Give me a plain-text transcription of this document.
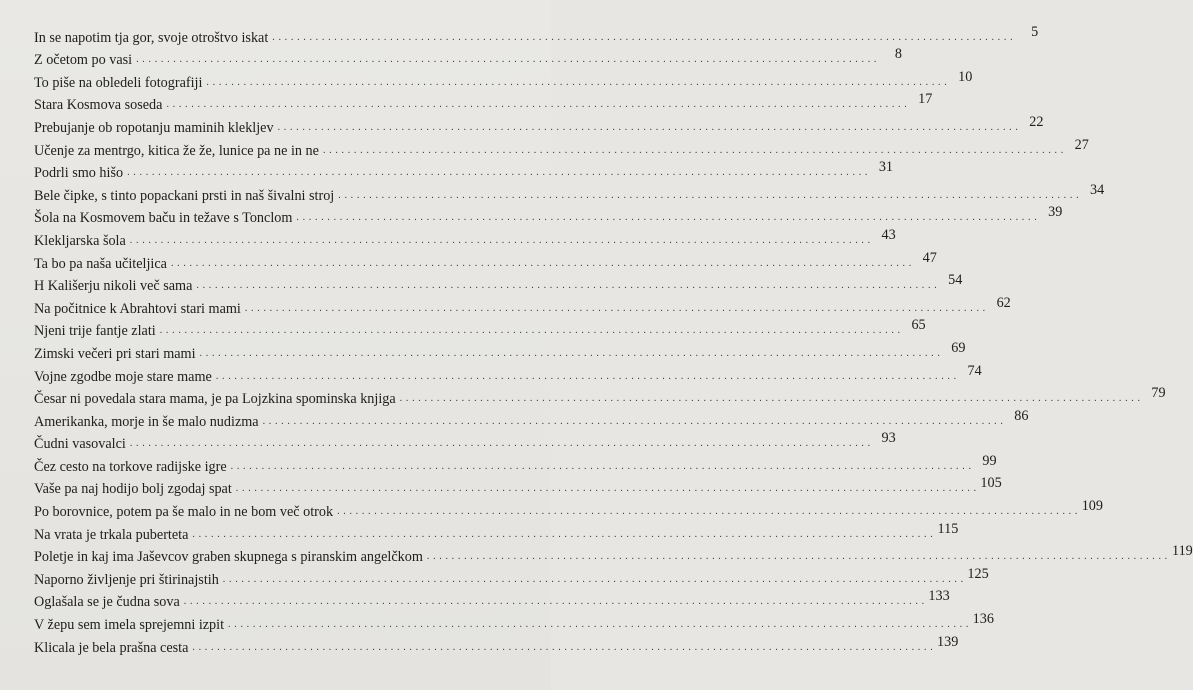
In se napotim tja gor, svoje otroštvo iskat . . . . . . . . . . . . . . . . . . . . . . . . . . . . . . . . . . . . . . . . . . . . . . . . . . . . . . . . . . . . . . . . . . . . . . . . . . . . . . . . . . . . . . . . . . . . . . . . . . . . . . . . . . . . . . . . . . . . . . . .	5
Z očetom po vasi . . . . . . . . . . . . . . . . . . . . . . . . . . . . . . . . . . . . . . . . . . . . . . . . . . . . . . . . . . . . . . . . . . . . . . . . . . . . . . . . . . . . . . . . . . . . . . . . . . . . . . . . . . . . . . . . . . . . . . . .	8
To piše na obledeli fotografiji . . . . . . . . . . . . . . . . . . . . . . . . . . . . . . . . . . . . . . . . . . . . . . . . . . . . . . . . . . . . . . . . . . . . . . . . . . . . . . . . . . . . . . . . . . . . . . . . . . . . . . . . . . . . . . . . . . . . . . . . 10
Stara Kosmova soseda . . . . . . . . . . . . . . . . . . . . . . . . . . . . . . . . . . . . . . . . . . . . . . . . . . . . . . . . . . . . . . . . . . . . . . . . . . . . . . . . . . . . . . . . . . . . . . . . . . . . . . . . . . . . . . . . . . . . . . . . 17
Prebujanje ob ropotanju maminih klekljev . . . . . . . . . . . . . . . . . . . . . . . . . . . . . . . . . . . . . . . . . . . . . . . . . . . . . . . . . . . . . . . . . . . . . . . . . . . . . . . . . . . . . . . . . . . . . . . . . . . . . . . . . . . . . . . . . . . . . . . . 22
Učenje za mentrgo, kitica že že, lunice pa ne in ne . . . . . . . . . . . . . . . . . . . . . . . . . . . . . . . . . . . . . . . . . . . . . . . . . . . . . . . . . . . . . . . . . . . . . . . . . . . . . . . . . . . . . . . . . . . . . . . . . . . . . . . . . . . . . . . . . . . . . . . . 27
Podrli smo hišo . . . . . . . . . . . . . . . . . . . . . . . . . . . . . . . . . . . . . . . . . . . . . . . . . . . . . . . . . . . . . . . . . . . . . . . . . . . . . . . . . . . . . . . . . . . . . . . . . . . . . . . . . . . . . . . . . . . . . . . . 31
Bele čipke, s tinto popackani prsti in naš šivalni stroj . . . . . . . . . . . . . . . . . . . . . . . . . . . . . . . . . . . . . . . . . . . . . . . . . . . . . . . . . . . . . . . . . . . . . . . . . . . . . . . . . . . . . . . . . . . . . . . . . . . . . . . . . . . . . . . . . . . . . . . . 34
Šola na Kosmovem baču in težave s Tonclom . . . . . . . . . . . . . . . . . . . . . . . . . . . . . . . . . . . . . . . . . . . . . . . . . . . . . . . . . . . . . . . . . . . . . . . . . . . . . . . . . . . . . . . . . . . . . . . . . . . . . . . . . . . . . . . . . . . . . . . . 39
Klekljarska šola . . . . . . . . . . . . . . . . . . . . . . . . . . . . . . . . . . . . . . . . . . . . . . . . . . . . . . . . . . . . . . . . . . . . . . . . . . . . . . . . . . . . . . . . . . . . . . . . . . . . . . . . . . . . . . . . . . . . . . . . 43
Ta bo pa naša učiteljica . . . . . . . . . . . . . . . . . . . . . . . . . . . . . . . . . . . . . . . . . . . . . . . . . . . . . . . . . . . . . . . . . . . . . . . . . . . . . . . . . . . . . . . . . . . . . . . . . . . . . . . . . . . . . . . . . . . . . . . . 47
H Kališerju nikoli več sama . . . . . . . . . . . . . . . . . . . . . . . . . . . . . . . . . . . . . . . . . . . . . . . . . . . . . . . . . . . . . . . . . . . . . . . . . . . . . . . . . . . . . . . . . . . . . . . . . . . . . . . . . . . . . . . . . . . . . . . . 54
Na počitnice k Abrahtovi stari mami . . . . . . . . . . . . . . . . . . . . . . . . . . . . . . . . . . . . . . . . . . . . . . . . . . . . . . . . . . . . . . . . . . . . . . . . . . . . . . . . . . . . . . . . . . . . . . . . . . . . . . . . . . . . . . . . . . . . . . . . 62
Njeni trije fantje zlati . . . . . . . . . . . . . . . . . . . . . . . . . . . . . . . . . . . . . . . . . . . . . . . . . . . . . . . . . . . . . . . . . . . . . . . . . . . . . . . . . . . . . . . . . . . . . . . . . . . . . . . . . . . . . . . . . . . . . . . . 65
Zimski večeri pri stari mami . . . . . . . . . . . . . . . . . . . . . . . . . . . . . . . . . . . . . . . . . . . . . . . . . . . . . . . . . . . . . . . . . . . . . . . . . . . . . . . . . . . . . . . . . . . . . . . . . . . . . . . . . . . . . . . . . . . . . . . . 69
Vojne zgodbe moje stare mame . . . . . . . . . . . . . . . . . . . . . . . . . . . . . . . . . . . . . . . . . . . . . . . . . . . . . . . . . . . . . . . . . . . . . . . . . . . . . . . . . . . . . . . . . . . . . . . . . . . . . . . . . . . . . . . . . . . . . . . . 74
Česar ni povedala stara mama, je pa Lojzkina spominska knjiga . . . . . . . . . . . . . . . . . . . . . . . . . . . . . . . . . . . . . . . . . . . . . . . . . . . . . . . . . . . . . . . . . . . . . . . . . . . . . . . . . . . . . . . . . . . . . . . . . . . . . . . . . . . . . . . . . . . . . . . . 79
Amerikanka, morje in še malo nudizma . . . . . . . . . . . . . . . . . . . . . . . . . . . . . . . . . . . . . . . . . . . . . . . . . . . . . . . . . . . . . . . . . . . . . . . . . . . . . . . . . . . . . . . . . . . . . . . . . . . . . . . . . . . . . . . . . . . . . . . . 86
Čudni vasovalci . . . . . . . . . . . . . . . . . . . . . . . . . . . . . . . . . . . . . . . . . . . . . . . . . . . . . . . . . . . . . . . . . . . . . . . . . . . . . . . . . . . . . . . . . . . . . . . . . . . . . . . . . . . . . . . . . . . . . . . . 93
Čez cesto na torkove radijske igre . . . . . . . . . . . . . . . . . . . . . . . . . . . . . . . . . . . . . . . . . . . . . . . . . . . . . . . . . . . . . . . . . . . . . . . . . . . . . . . . . . . . . . . . . . . . . . . . . . . . . . . . . . . . . . . . . . . . . . . . 99
Vaše pa naj hodijo bolj zgodaj spat . . . . . . . . . . . . . . . . . . . . . . . . . . . . . . . . . . . . . . . . . . . . . . . . . . . . . . . . . . . . . . . . . . . . . . . . . . . . . . . . . . . . . . . . . . . . . . . . . . . . . . . . . . . . . . . . . . . . . . . . 105
Po borovnice, potem pa še malo in ne bom več otrok . . . . . . . . . . . . . . . . . . . . . . . . . . . . . . . . . . . . . . . . . . . . . . . . . . . . . . . . . . . . . . . . . . . . . . . . . . . . . . . . . . . . . . . . . . . . . . . . . . . . . . . . . . . . . . . . . . . . . . . . 109
Na vrata je trkala puberteta . . . . . . . . . . . . . . . . . . . . . . . . . . . . . . . . . . . . . . . . . . . . . . . . . . . . . . . . . . . . . . . . . . . . . . . . . . . . . . . . . . . . . . . . . . . . . . . . . . . . . . . . . . . . . . . . . . . . . . . . 115
Poletje in kaj ima Jaševcov graben skupnega s piranskim angelčkom . . . . . . . . . . . . . . . . . . . . . . . . . . . . . . . . . . . . . . . . . . . . . . . . . . . . . . . . . . . . . . . . . . . . . . . . . . . . . . . . . . . . . . . . . . . . . . . . . . . . . . . . . . . . . . . . . . . . . . . . 119
Naporno življenje pri štirinajstih . . . . . . . . . . . . . . . . . . . . . . . . . . . . . . . . . . . . . . . . . . . . . . . . . . . . . . . . . . . . . . . . . . . . . . . . . . . . . . . . . . . . . . . . . . . . . . . . . . . . . . . . . . . . . . . . . . . . . . . . 125
Oglašala se je čudna sova . . . . . . . . . . . . . . . . . . . . . . . . . . . . . . . . . . . . . . . . . . . . . . . . . . . . . . . . . . . . . . . . . . . . . . . . . . . . . . . . . . . . . . . . . . . . . . . . . . . . . . . . . . . . . . . . . . . . . . . . 133
V žepu sem imela sprejemni izpit . . . . . . . . . . . . . . . . . . . . . . . . . . . . . . . . . . . . . . . . . . . . . . . . . . . . . . . . . . . . . . . . . . . . . . . . . . . . . . . . . . . . . . . . . . . . . . . . . . . . . . . . . . . . . . . . . . . . . . . . 136
Klicala je bela prašna cesta . . . . . . . . . . . . . . . . . . . . . . . . . . . . . . . . . . . . . . . . . . . . . . . . . . . . . . . . . . . . . . . . . . . . . . . . . . . . . . . . . . . . . . . . . . . . . . . . . . . . . . . . . . . . . . . . . . . . . . . . 139
